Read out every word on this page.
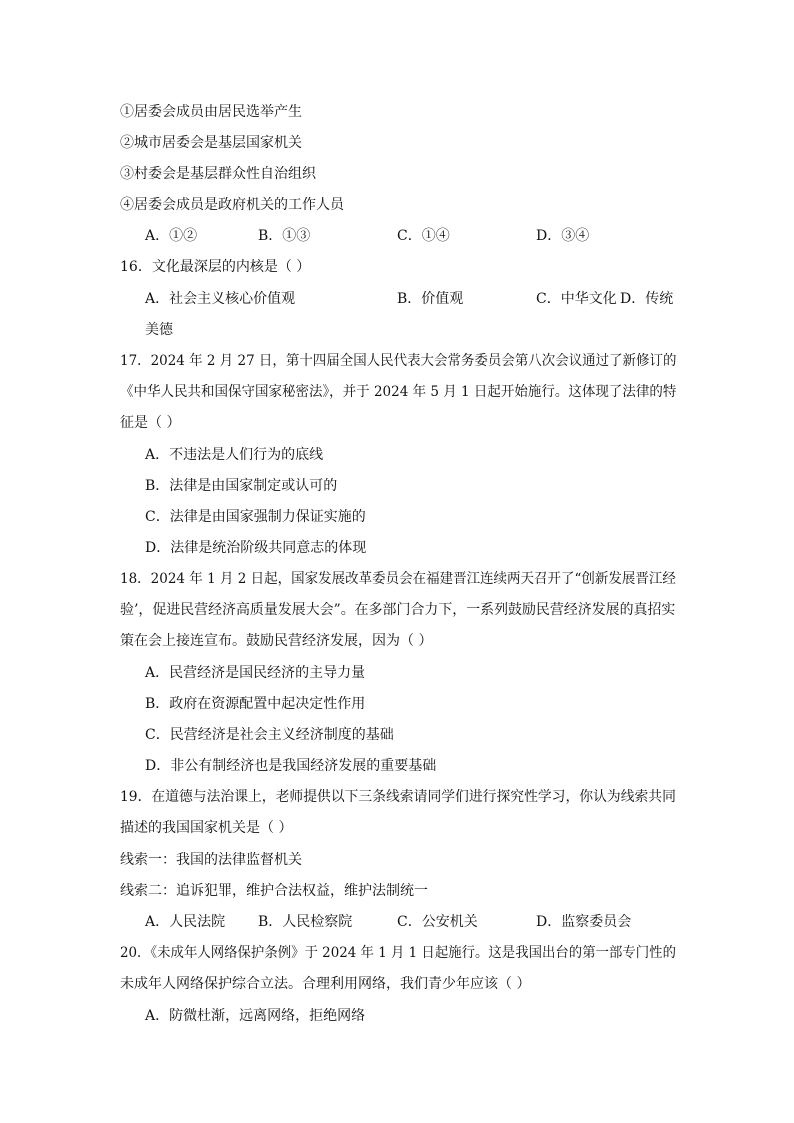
①居委会成员由居民选举产生
②城市居委会是基层国家机关
③村委会是基层群众性自治组织
④居委会成员是政府机关的工作人员
A．①②	B．①③	C．①④	D．③④
16．文化最深层的内核是（ ）
A．社会主义核心价值观	B．价值观	C．中华文化 D．传统
美德
17．2024 年 2 月 27 日，第十四届全国人民代表大会常务委员会第八次会议通过了新修订的
《中华人民共和国保守国家秘密法》，并于 2024 年 5 月 1 日起开始施行。这体现了法律的特
征是（ ）
A．不违法是人们行为的底线
B．法律是由国家制定或认可的
C．法律是由国家强制力保证实施的
D．法律是统治阶级共同意志的体现
18．2024 年 1 月 2 日起，国家发展改革委员会在福建晋江连续两天召开了“创新发展晋江经
验’，促进民营经济高质量发展大会”。在多部门合力下，一系列鼓励民营经济发展的真招实
策在会上接连宣布。鼓励民营经济发展，因为（ ）
A．民营经济是国民经济的主导力量
B．政府在资源配置中起决定性作用
C．民营经济是社会主义经济制度的基础
D．非公有制经济也是我国经济发展的重要基础
19．在道德与法治课上，老师提供以下三条线索请同学们进行探究性学习，你认为线索共同
描述的我国国家机关是（ ）
线索一：我国的法律监督机关
线索二：追诉犯罪，维护合法权益，维护法制统一
A．人民法院 B．人民检察院	C．公安机关	D．监察委员会
20．《未成年人网络保护条例》于 2024 年 1 月 1 日起施行。这是我国出台的第一部专门性的
未成年人网络保护综合立法。合理利用网络，我们青少年应该（ ）
A．防微杜渐，远离网络，拒绝网络
